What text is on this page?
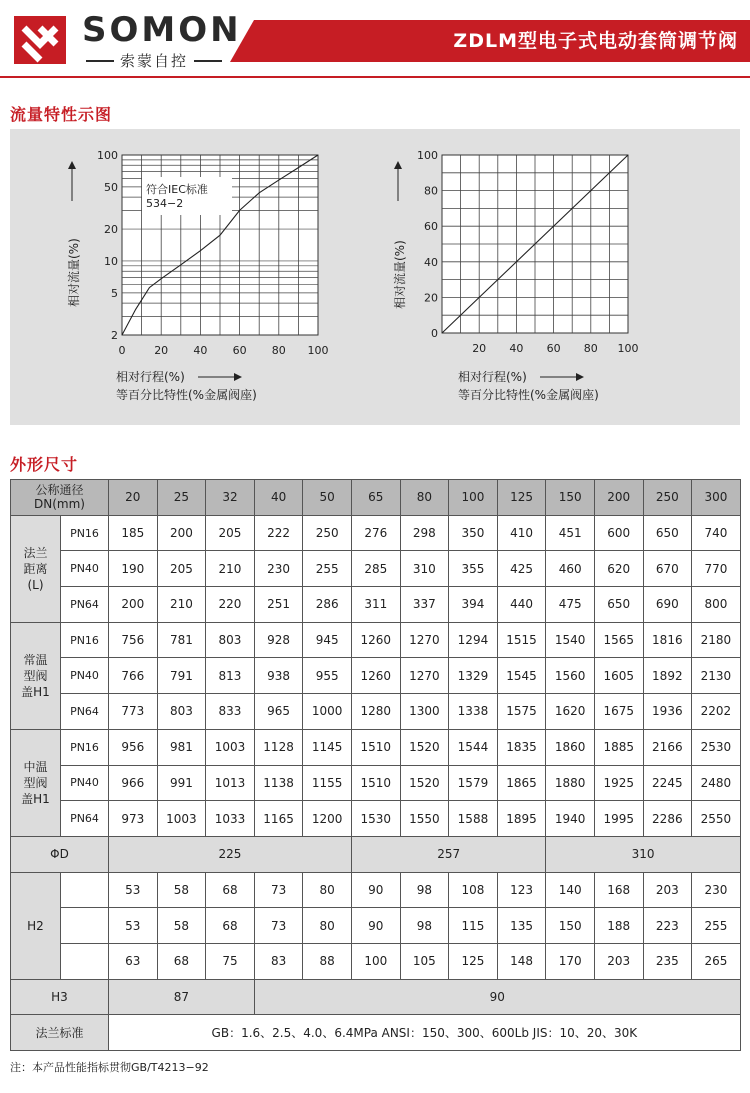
SOMON
索蒙自控
ZDLM型电子式电动套筒调节阀
流量特性示图
2
5
10
20
50
100
0	20 40 60 80 100
符合IEC标准
534−2
相对流量(%)
相对行程(%)
等百分比特性(%金属阀座)
0
20
40
60
80
100
20 40 60 80 100
相对流量(%)
相对行程(%)
等百分比特性(%金属阀座)
外形尺寸
公称通径
DN(mm)		20	25	32	40	50	65	80	100	125	150	200	250	300
法兰
距离
(L)	PN16	185	200	205	222	250	276	298	350	410	451	600	650	740
	PN40	190	205	210	230	255	285	310	355	425	460	620	670	770
	PN64	200	210	220	251	286	311	337	394	440	475	650	690	800
常温
型阀
盖H1	PN16	756	781	803	928	945	1260	1270	1294	1515	1540	1565	1816	2180
	PN40	766	791	813	938	955	1260	1270	1329	1545	1560	1605	1892	2130
	PN64	773	803	833	965	1000	1280	1300	1338	1575	1620	1675	1936	2202
中温
型阀
盖H1	PN16	956	981	1003	1128	1145	1510	1520	1544	1835	1860	1885	2166	2530
	PN40	966	991	1013	1138	1155	1510	1520	1579	1865	1880	1925	2245	2480
	PN64	973	1003	1033	1165	1200	1530	1550	1588	1895	1940	1995	2286	2550
ΦD		225					257				310			
H2		53	58	68	73	80	90	98	108	123	140	168	203	230
		53	58	68	73	80	90	98	115	135	150	188	223	255
		63	68	75	83	88	100	105	125	148	170	203	235	265
H3		87			90									
法兰标准		GB：1.6、2.5、4.0、6.4MPa ANSI：150、300、600Lb JIS：10、20、30K												
注：本产品性能指标贯彻GB/T4213−92
